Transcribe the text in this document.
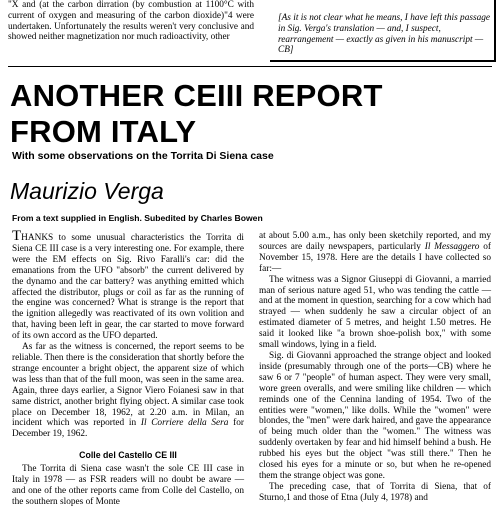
"X and (at the carbon dirration (by combustion at 1100°C with current of oxygen and measuring of the carbon dioxide)"4 were undertaken. Unfortunately the results weren't very conclusive and showed neither magnetization nor much radioactivity, other

[As it is not clear what he means, I have left this passage in Sig. Verga's translation — and, I suspect, rearrangement — exactly as given in his manuscript — CB]
ANOTHER CEIII REPORT
FROM ITALY
With some observations on the Torrita Di Siena case
Maurizio Verga
From a text supplied in English. Subedited by Charles Bowen

THANKS to some unusual characteristics the Torrita di Siena CE III case is a very interesting one. For example, there were the EM effects on Sig. Rivo Faralli's car: did the emanations from the UFO "absorb" the current delivered by the dynamo and the car battery? was anything emitted which affected the distributor, plugs or coil as far as the running of the engine was concerned? What is strange is the report that the ignition allegedly was reactivated of its own volition and that, having been left in gear, the car started to move forward of its own accord as the UFO departed.

As far as the witness is concerned, the report seems to be reliable. Then there is the consideration that shortly before the strange encounter a bright object, the apparent size of which was less than that of the full moon, was seen in the same area. Again, three days earlier, a Signor Viero Foianesi saw in that same district, another bright flying object. A similar case took place on December 18, 1962, at 2.20 a.m. in Milan, an incident which was reported in Il Corriere della Sera for December 19, 1962.

Colle del Castello CE III

The Torrita di Siena case wasn't the sole CE III case in Italy in 1978 — as FSR readers will no doubt be aware — and one of the other reports came from Colle del Castello, on the southern slopes of Monte

at about 5.00 a.m., has only been sketchily reported, and my sources are daily newspapers, particularly Il Messaggero of November 15, 1978. Here are the details I have collected so far:—

The witness was a Signor Giuseppi di Giovanni, a married man of serious nature aged 51, who was tending the cattle — and at the moment in question, searching for a cow which had strayed — when suddenly he saw a circular object of an estimated diameter of 5 metres, and height 1.50 metres. He said it looked like "a brown shoe-polish box," with some small windows, lying in a field.

Sig. di Giovanni approached the strange object and looked inside (presumably through one of the ports—CB) where he saw 6 or 7 "people" of human aspect. They were very small, wore green overalls, and were smiling like children — which reminds one of the Cennina landing of 1954. Two of the entities were "women," like dolls. While the "women" were blondes, the "men" were dark haired, and gave the appearance of being much older than the "women." The witness was suddenly overtaken by fear and hid himself behind a bush. He rubbed his eyes but the object "was still there." Then he closed his eyes for a minute or so, but when he re-opened them the strange object was gone.

The preceding case, that of Torrita di Siena, that of Sturno,1 and those of Etna (July 4, 1978) and
